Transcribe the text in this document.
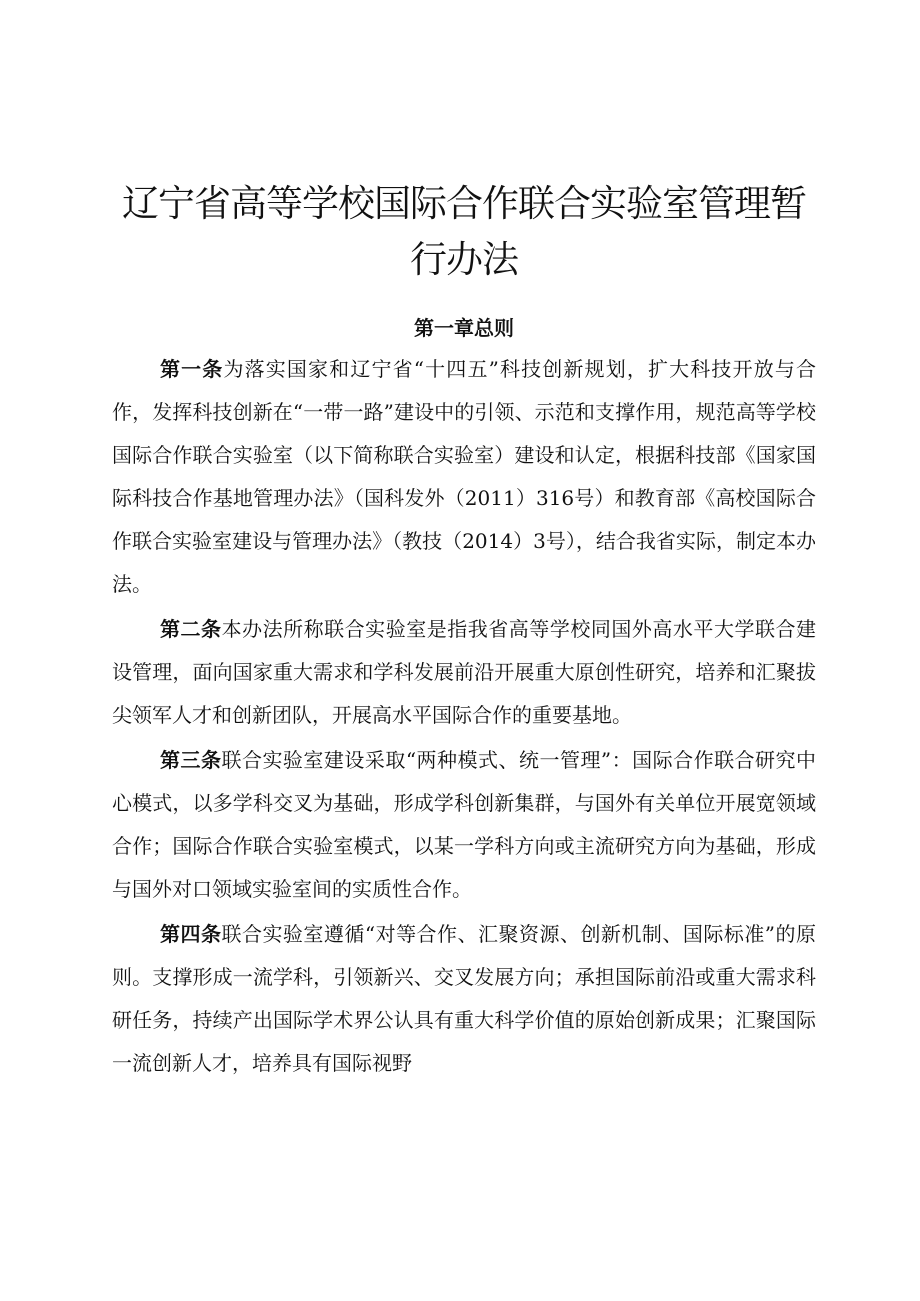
辽宁省高等学校国际合作联合实验室管理暂行办法
第一章总则

第一条为落实国家和辽宁省“十四五”科技创新规划，扩大科技开放与合作，发挥科技创新在“一带一路”建设中的引领、示范和支撑作用，规范高等学校国际合作联合实验室（以下简称联合实验室）建设和认定，根据科技部《国家国际科技合作基地管理办法》（国科发外（2011）316号）和教育部《高校国际合作联合实验室建设与管理办法》（教技（2014）3号），结合我省实际，制定本办法。

第二条本办法所称联合实验室是指我省高等学校同国外高水平大学联合建设管理，面向国家重大需求和学科发展前沿开展重大原创性研究，培养和汇聚拔尖领军人才和创新团队，开展高水平国际合作的重要基地。

第三条联合实验室建设采取“两种模式、统一管理”：国际合作联合研究中心模式，以多学科交叉为基础，形成学科创新集群，与国外有关单位开展宽领域合作；国际合作联合实验室模式，以某一学科方向或主流研究方向为基础，形成与国外对口领域实验室间的实质性合作。

第四条联合实验室遵循“对等合作、汇聚资源、创新机制、国际标准”的原则。支撑形成一流学科，引领新兴、交叉发展方向；承担国际前沿或重大需求科研任务，持续产出国际学术界公认具有重大科学价值的原始创新成果；汇聚国际一流创新人才，培养具有国际视野
